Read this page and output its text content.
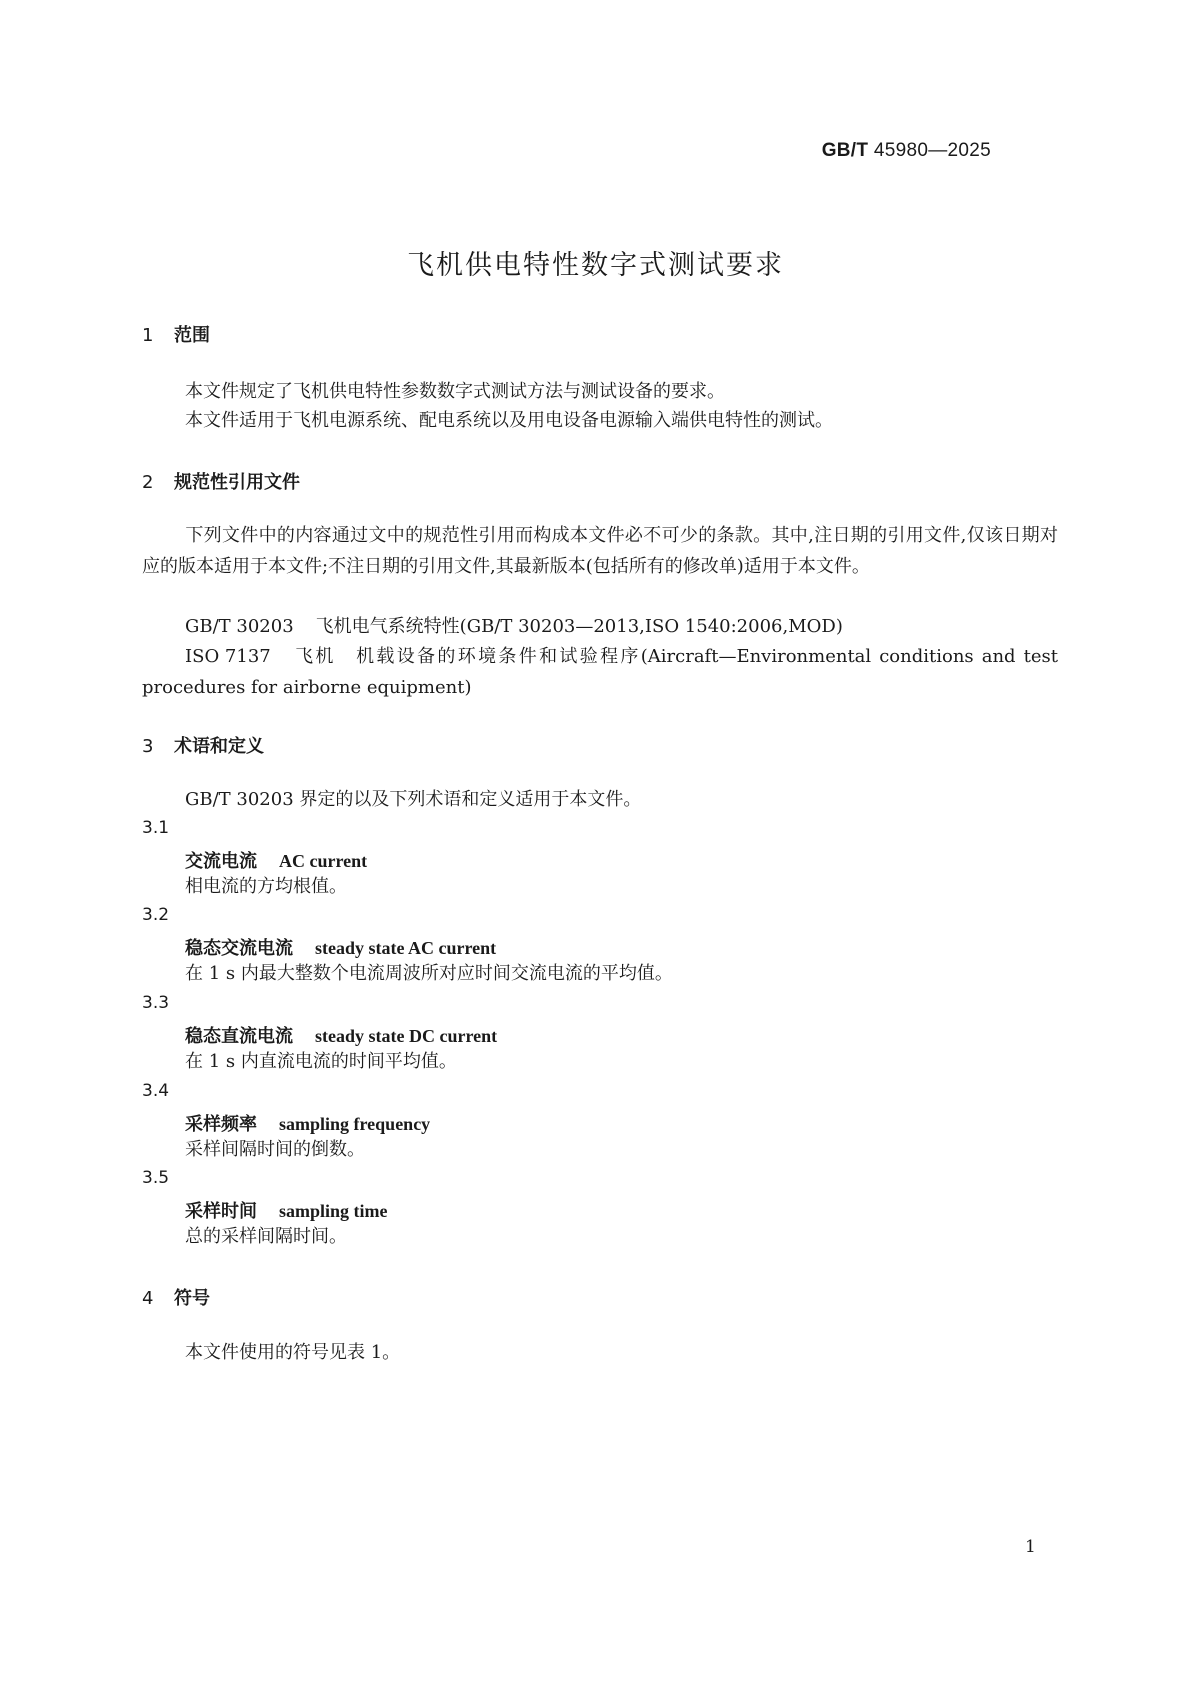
GB/T 45980—2025
飞机供电特性数字式测试要求
1 范围
本文件规定了飞机供电特性参数数字式测试方法与测试设备的要求。
本文件适用于飞机电源系统、配电系统以及用电设备电源输入端供电特性的测试。
2 规范性引用文件
下列文件中的内容通过文中的规范性引用而构成本文件必不可少的条款。其中,注日期的引用文件,仅该日期对应的版本适用于本文件;不注日期的引用文件,其最新版本(包括所有的修改单)适用于本文件。
GB/T 30203 飞机电气系统特性(GB/T 30203—2013,ISO 1540:2006,MOD)
ISO 7137 飞机　机载设备的环境条件和试验程序(Aircraft—Environmental conditions and test procedures for airborne equipment)
3 术语和定义
GB/T 30203 界定的以及下列术语和定义适用于本文件。
3.1
交流电流 AC current
相电流的方均根值。
3.2
稳态交流电流 steady state AC current
在 1 s 内最大整数个电流周波所对应时间交流电流的平均值。
3.3
稳态直流电流 steady state DC current
在 1 s 内直流电流的时间平均值。
3.4
采样频率 sampling frequency
采样间隔时间的倒数。
3.5
采样时间 sampling time
总的采样间隔时间。
4 符号
本文件使用的符号见表 1。
1
